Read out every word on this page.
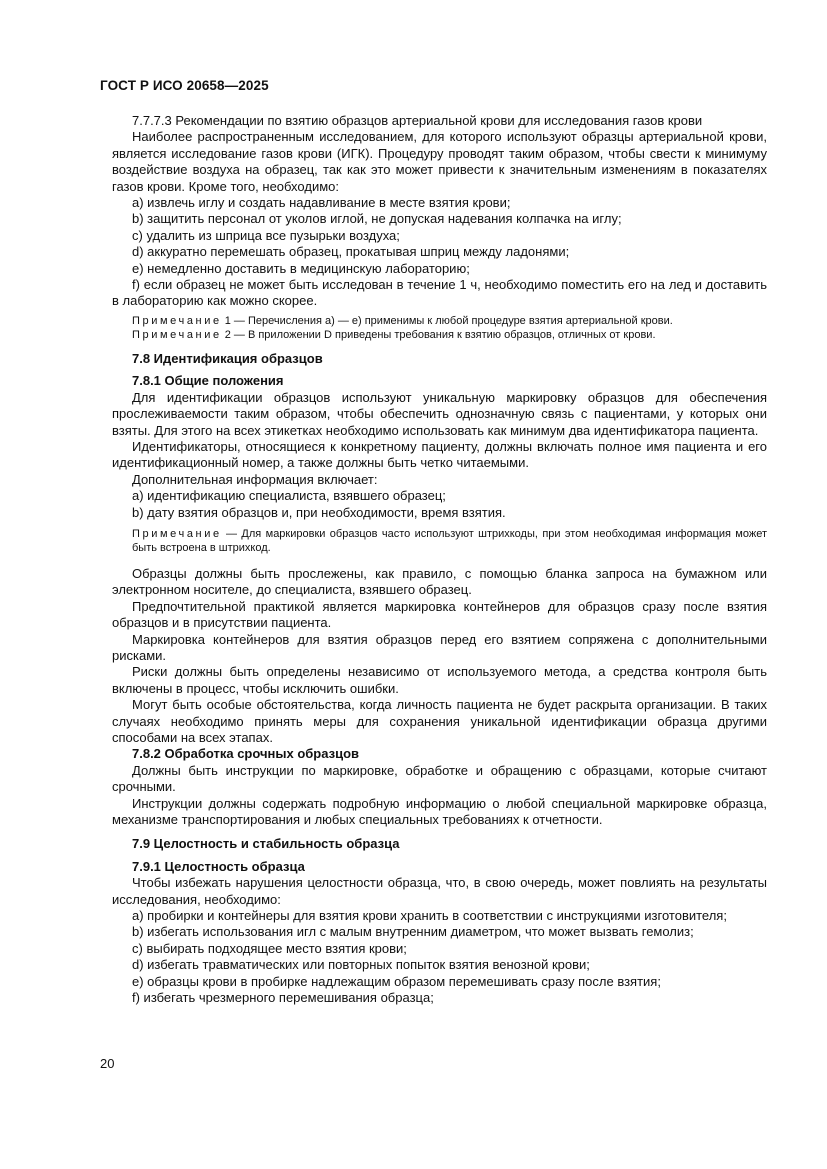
ГОСТ Р ИСО 20658—2025

7.7.7.3 Рекомендации по взятию образцов артериальной крови для исследования газов крови

Наиболее распространенным исследованием, для которого используют образцы артериальной крови, является исследование газов крови (ИГК). Процедуру проводят таким образом, чтобы свести к минимуму воздействие воздуха на образец, так как это может привести к значительным изменениям в показателях газов крови. Кроме того, необходимо:

a) извлечь иглу и создать надавливание в месте взятия крови;

b) защитить персонал от уколов иглой, не допуская надевания колпачка на иглу;

c) удалить из шприца все пузырьки воздуха;

d) аккуратно перемешать образец, прокатывая шприц между ладонями;

e) немедленно доставить в медицинскую лабораторию;

f) если образец не может быть исследован в течение 1 ч, необходимо поместить его на лед и доставить в лабораторию как можно скорее.

Примечание 1 — Перечисления a) — e) применимы к любой процедуре взятия артериальной крови.

Примечание 2 — В приложении D приведены требования к взятию образцов, отличных от крови.

7.8 Идентификация образцов

7.8.1 Общие положения

Для идентификации образцов используют уникальную маркировку образцов для обеспечения прослеживаемости таким образом, чтобы обеспечить однозначную связь с пациентами, у которых они взяты. Для этого на всех этикетках необходимо использовать как минимум два идентификатора пациента.

Идентификаторы, относящиеся к конкретному пациенту, должны включать полное имя пациента и его идентификационный номер, а также должны быть четко читаемыми.

Дополнительная информация включает:

a) идентификацию специалиста, взявшего образец;

b) дату взятия образцов и, при необходимости, время взятия.

Примечание — Для маркировки образцов часто используют штрихкоды, при этом необходимая информация может быть встроена в штрихкод.

Образцы должны быть прослежены, как правило, с помощью бланка запроса на бумажном или электронном носителе, до специалиста, взявшего образец.

Предпочтительной практикой является маркировка контейнеров для образцов сразу после взятия образцов и в присутствии пациента.

Маркировка контейнеров для взятия образцов перед его взятием сопряжена с дополнительными рисками.

Риски должны быть определены независимо от используемого метода, а средства контроля быть включены в процесс, чтобы исключить ошибки.

Могут быть особые обстоятельства, когда личность пациента не будет раскрыта организации. В таких случаях необходимо принять меры для сохранения уникальной идентификации образца другими способами на всех этапах.

7.8.2 Обработка срочных образцов

Должны быть инструкции по маркировке, обработке и обращению с образцами, которые считают срочными.

Инструкции должны содержать подробную информацию о любой специальной маркировке образца, механизме транспортирования и любых специальных требованиях к отчетности.

7.9 Целостность и стабильность образца

7.9.1 Целостность образца

Чтобы избежать нарушения целостности образца, что, в свою очередь, может повлиять на результаты исследования, необходимо:

a) пробирки и контейнеры для взятия крови хранить в соответствии с инструкциями изготовителя;

b) избегать использования игл с малым внутренним диаметром, что может вызвать гемолиз;

c) выбирать подходящее место взятия крови;

d) избегать травматических или повторных попыток взятия венозной крови;

e) образцы крови в пробирке надлежащим образом перемешивать сразу после взятия;

f) избегать чрезмерного перемешивания образца;

20
